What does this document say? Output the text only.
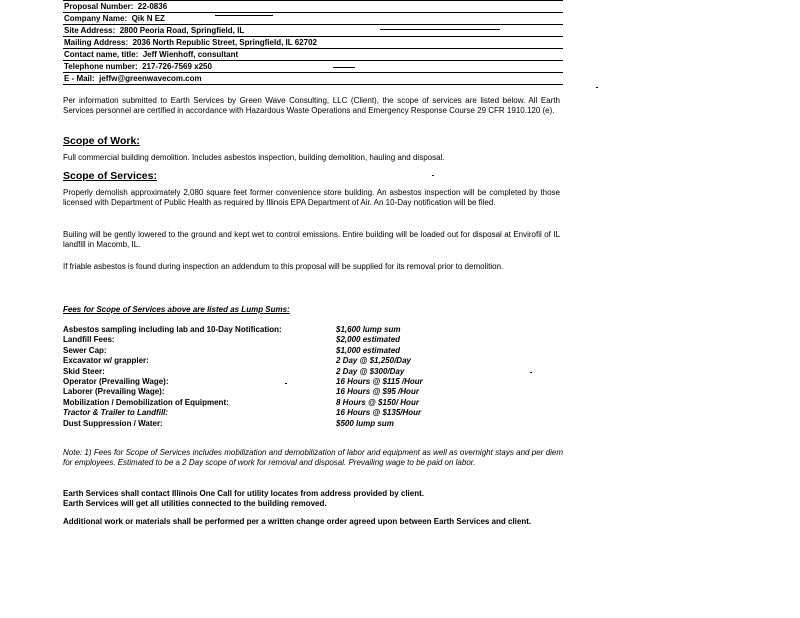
Proposal Number: 22-0836
Company Name: Qik N EZ
Site Address: 2800 Peoria Road, Springfield, IL
Mailing Address: 2036 North Republic Street, Springfield, IL 62702
Contact name, title: Jeff Wienhoff, consultant
Telephone number: 217-726-7569 x250
E - Mail: jeffw@greenwavecom.com
Per information submitted to Earth Services by Green Wave Consulting, LLC (Client), the scope of services are listed below. All Earth Services personnel are certified in accordance with Hazardous Waste Operations and Emergency Response Course 29 CFR 1910.120 (e).
Scope of Work:
Full commercial building demolition. Includes asbestos inspection, building demolition, hauling and disposal.
Scope of Services:
Properly demolish approximately 2,080 square feet former convenience store building. An asbestos inspection will be completed by those licensed with Department of Public Health as required by Illinois EPA Department of Air. An 10-Day notification will be filed.
Builing will be gently lowered to the ground and kept wet to control emissions. Entire building will be loaded out for disposal at Envirofil of IL landfill in Macomb, IL.
If friable asbestos is found during inspection an addendum to this proposal will be supplied for its removal prior to demolition.
Fees for Scope of Services above are listed as Lump Sums:
Asbestos sampling including lab and 10-Day Notification:	$1,600 lump sum
Landfill Fees:	$2,000 estimated
Sewer Cap:	$1,000 estimated
Excavator w/ grappler:	2 Day @ $1,250/Day
Skid Steer:	2 Day @ $300/Day
Operator (Prevailing Wage):	16 Hours @ $115 /Hour
Laborer (Prevailing Wage):	16 Hours @ $95 /Hour
Mobilization / Demobilization of Equipment:	8 Hours @ $150/ Hour
Tractor & Trailer to Landfill:	16 Hours @ $135/Hour
Dust Suppression / Water:	$500 lump sum
Note: 1) Fees for Scope of Services includes mobilization and demobilization of labor and equipment as well as overnight stays and per diem for employees. Estimated to be a 2 Day scope of work for removal and disposal. Prevailing wage to be paid on labor.
Earth Services shall contact Illinois One Call for utility locates from address provided by client.
Earth Services will get all utilities connected to the building removed.
Additional work or materials shall be performed per a written change order agreed upon between Earth Services and client.
